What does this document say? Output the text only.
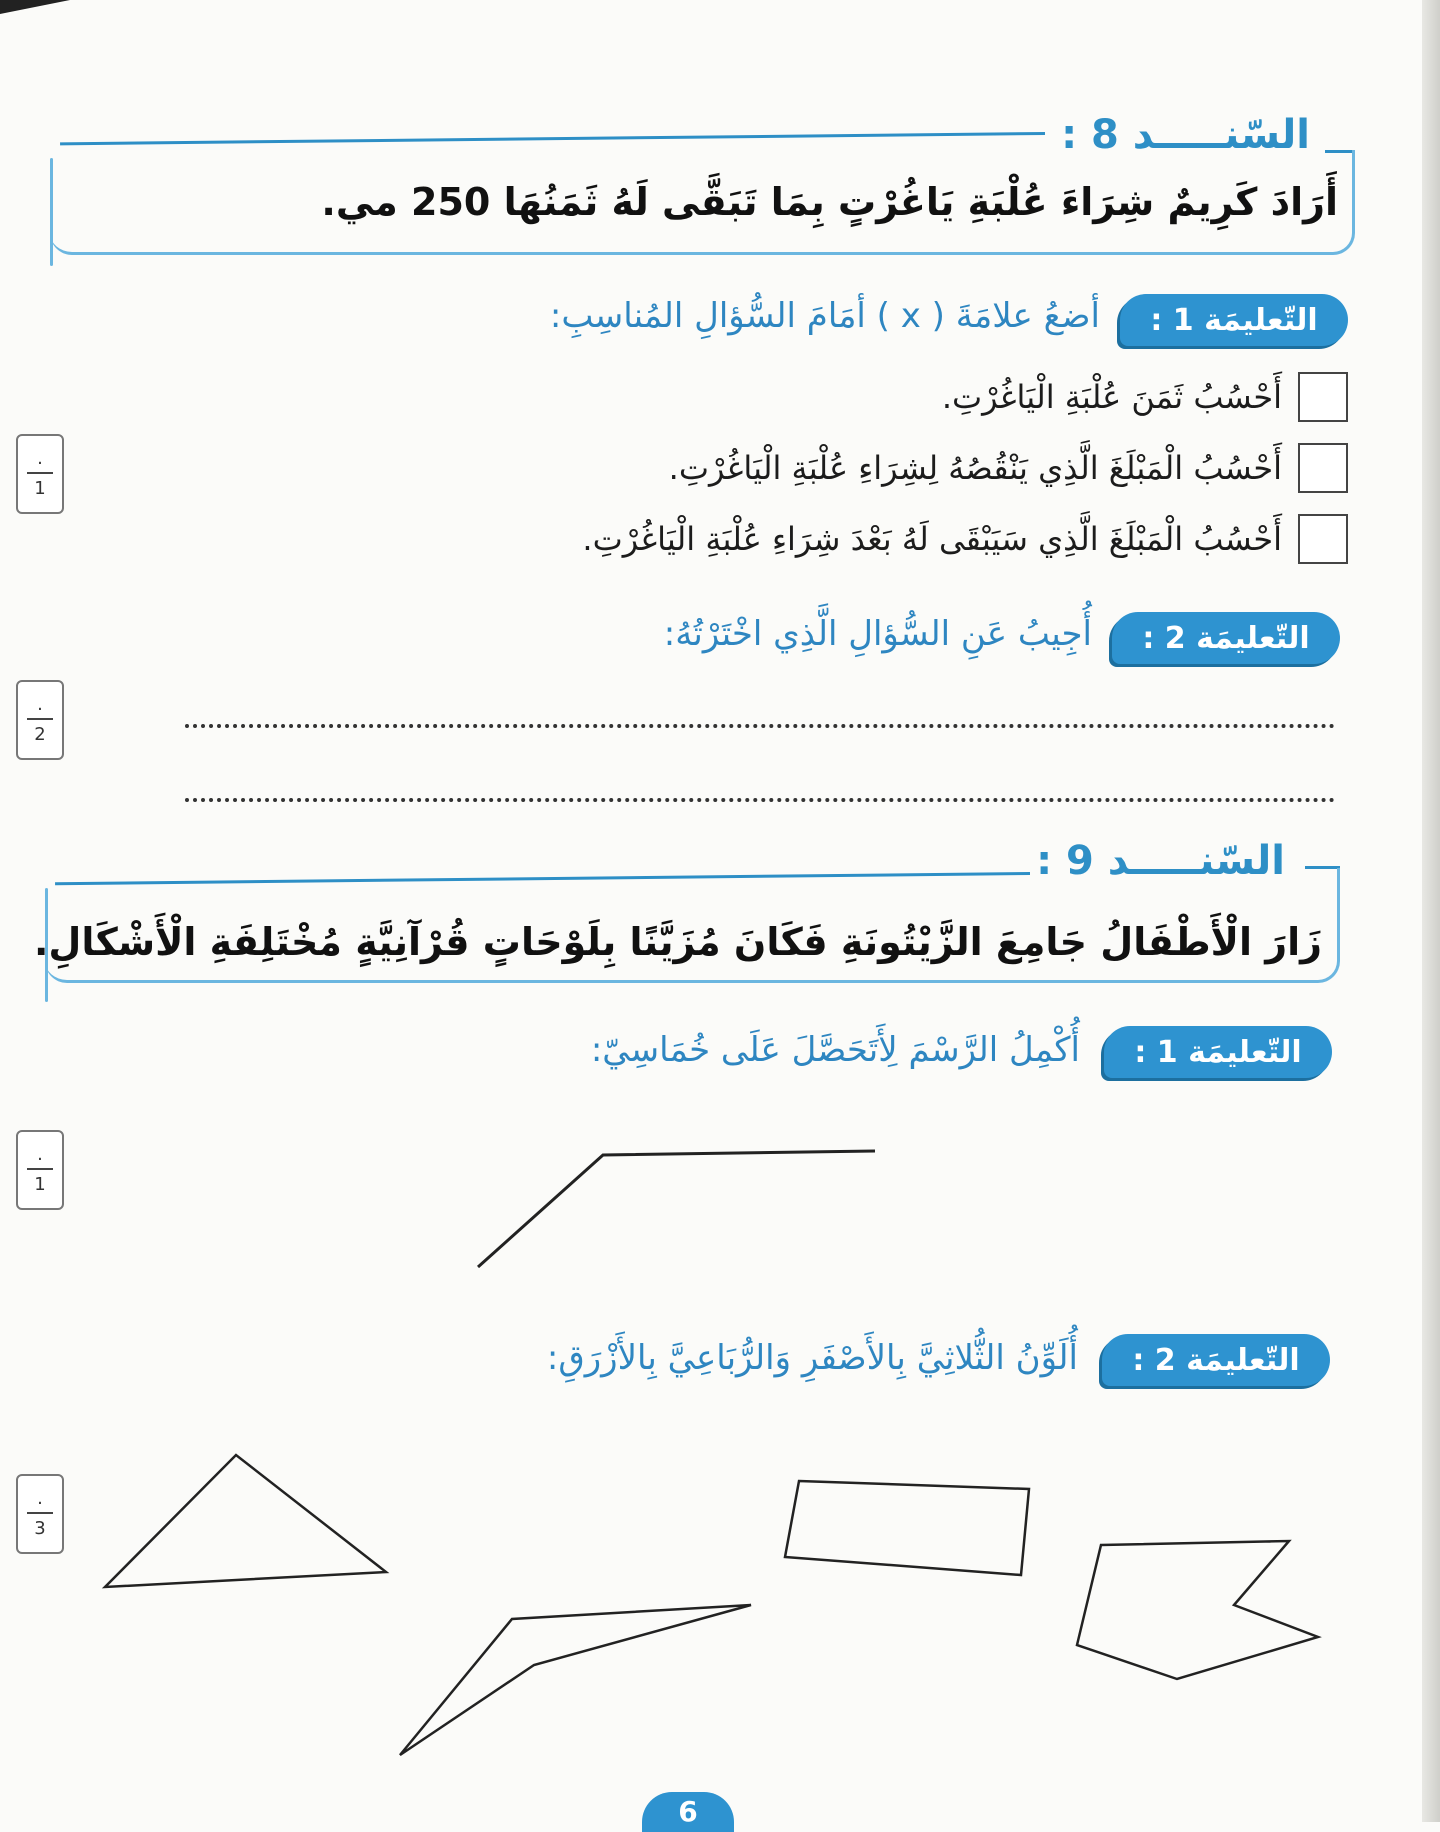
السّنـــــد 8 :
أَرَادَ كَرِيمٌ شِرَاءَ عُلْبَةِ يَاغُرْتٍ بِمَا تَبَقَّى لَهُ ثَمَنُهَا 250 مي.
التّعليمَة 1 :
أضعُ علامَةَ ( x ) أمَامَ السُّؤالِ المُناسِبِ:
أَحْسُبُ ثَمَنَ عُلْبَةِ الْيَاغُرْتِ.
أَحْسُبُ الْمَبْلَغَ الَّذِي يَنْقُصُهُ لِشِرَاءِ عُلْبَةِ الْيَاغُرْتِ.
أَحْسُبُ الْمَبْلَغَ الَّذِي سَيَبْقَى لَهُ بَعْدَ شِرَاءِ عُلْبَةِ الْيَاغُرْتِ.
.
1
التّعليمَة 2 :
أُجِيبُ عَنِ السُّؤالِ الَّذِي اخْتَرْتُهُ:
.
2
السّنـــــد 9 :
زَارَ الْأَطْفَالُ جَامِعَ الزَّيْتُونَةِ فَكَانَ مُزَيَّنًا بِلَوْحَاتٍ قُرْآنِيَّةٍ مُخْتَلِفَةِ الْأَشْكَالِ.
التّعليمَة 1 :
أُكْمِلُ الرَّسْمَ لِأَتَحَصَّلَ عَلَى خُمَاسِيّ:
.
1
التّعليمَة 2 :
أُلَوِّنُ الثُّلاثِيَّ بِالأَصْفَرِ وَالرُّبَاعِيَّ بِالأَزْرَقِ:
.
3
6
